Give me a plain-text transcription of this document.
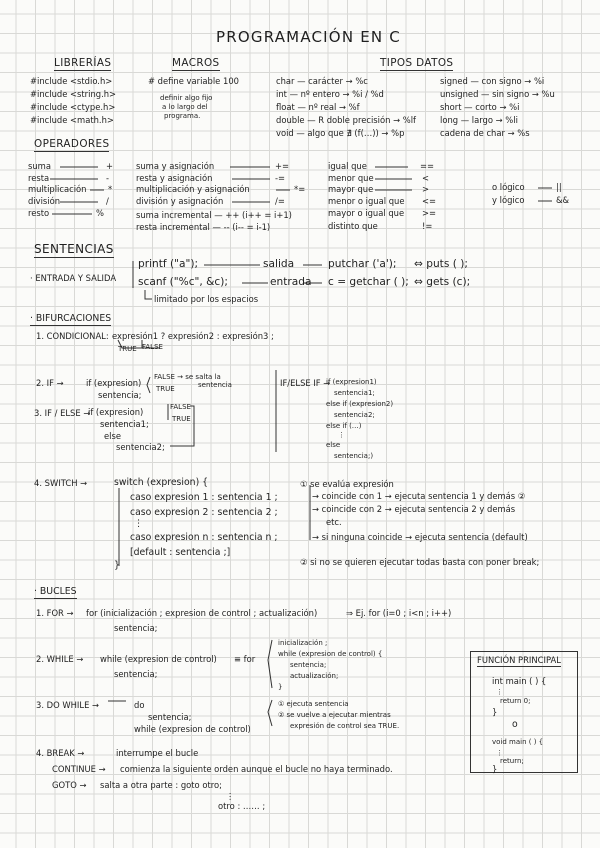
PROGRAMACIÓN EN C
LIBRERÍAS
#include <stdio.h>
#include <string.h>
#include <ctype.h>
#include <math.h>
MACROS
# define variable 100
definir algo fijo
a lo largo del
programa.
TIPOS DATOS
char — carácter → %c
int — nº entero → %i / %d
float — nº real → %f
double — R doble precisión → %lf
void — algo que ∄ (f(…)) → %p
signed — con signo → %i
unsigned — sin signo → %u
short — corto → %i
long — largo → %li
cadena de char → %s
OPERADORES
suma	+
resta	-
multiplicación	*
división	/
resto	%
suma y asignación	+=
resta y asignación	-=
multiplicación y asignación	*=
división y asignación	/=
suma incremental — ++ (i++ = i+1)
resta incremental — -- (i-- = i-1)
igual que	==
menor que	<
mayor que	>
menor o igual que <=
mayor o igual que >=
distinto que	!=
o lógico	||
y lógico	&&
SENTENCIAS
· ENTRADA Y SALIDA
printf ("a");	salida	putchar ('a'); ⇔ puts ( );
scanf ("%c", &c);	entrada c = getchar ( ); ⇔ gets (c);
limitado por los espacios
· BIFURCACIONES
1. CONDICIONAL: expresión1 ? expresión2 : expresión3 ;
TRUE FALSE
2. IF →	if (expresion)
sentencia;
FALSE → se salta la
sentencia
TRUE
3. IF / ELSE →
if (expresion)
sentencia1;
else
sentencia2;
FALSE
TRUE
IF/ELSE IF →
if (expresion1)
sentencia1;
else if (expresion2)
sentencia2;
else if (…)
⋮
else
sentencia;)
4. SWITCH →	switch (expresion) {
caso expresion 1 : sentencia 1 ;
caso expresion 2 : sentencia 2 ;
⋮
caso expresion n : sentencia n ;
[default : sentencia ;]
}
① se evalúa expresión
→ coincide con 1 → ejecuta sentencia 1 y demás ②
→ coincide con 2 → ejecuta sentencia 2 y demás
etc.
→ si ninguna coincide → ejecuta sentencia (default)
② si no se quieren ejecutar todas basta con poner break;
· BUCLES
1. FOR → for (inicialización ; expresion de control ; actualización)
sentencia;
⇒ Ej. for (i=0 ; i<n ; i++)
2. WHILE → while (expresion de control)
sentencia;
≡ for
inicialización ;
while (expresion de control) {
sentencia;
actualización;
}
3. DO WHILE →	do
sentencia;
while (expresion de control)
① ejecuta sentencia
② se vuelve a ejecutar mientras
expresión de control sea TRUE.
4. BREAK →	interrumpe el bucle
CONTINUE → comienza la siguiente orden aunque el bucle no haya terminado.
GOTO → salta a otra parte : goto otro;
⋮
otro : …… ;
FUNCIÓN PRINCIPAL
int main ( ) {
⋮
return 0;
}
o
void main ( ) {
⋮
return;
}
